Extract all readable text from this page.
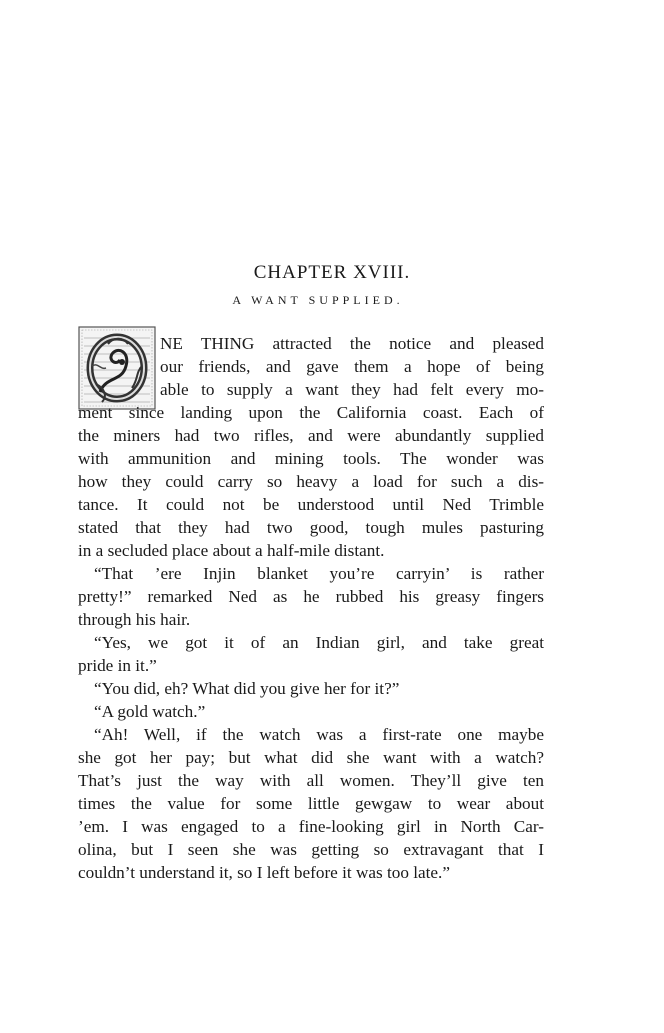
CHAPTER XVIII.
A WANT SUPPLIED.
NE THING attracted the notice and pleased
our friends, and gave them a hope of being
able to supply a want they had felt every mo-
ment since landing upon the California coast. Each of
the miners had two rifles, and were abundantly supplied
with ammunition and mining tools. The wonder was
how they could carry so heavy a load for such a dis-
tance. It could not be understood until Ned Trimble
stated that they had two good, tough mules pasturing
in a secluded place about a half-mile distant.
“That ’ere Injin blanket you’re carryin’ is rather
pretty!” remarked Ned as he rubbed his greasy fingers
through his hair.
“Yes, we got it of an Indian girl, and take great
pride in it.”
“You did, eh? What did you give her for it?”
“A gold watch.”
“Ah! Well, if the watch was a first-rate one maybe
she got her pay; but what did she want with a watch?
That’s just the way with all women. They’ll give ten
times the value for some little gewgaw to wear about
’em. I was engaged to a fine-looking girl in North Car-
olina, but I seen she was getting so extravagant that I
couldn’t understand it, so I left before it was too late.”
